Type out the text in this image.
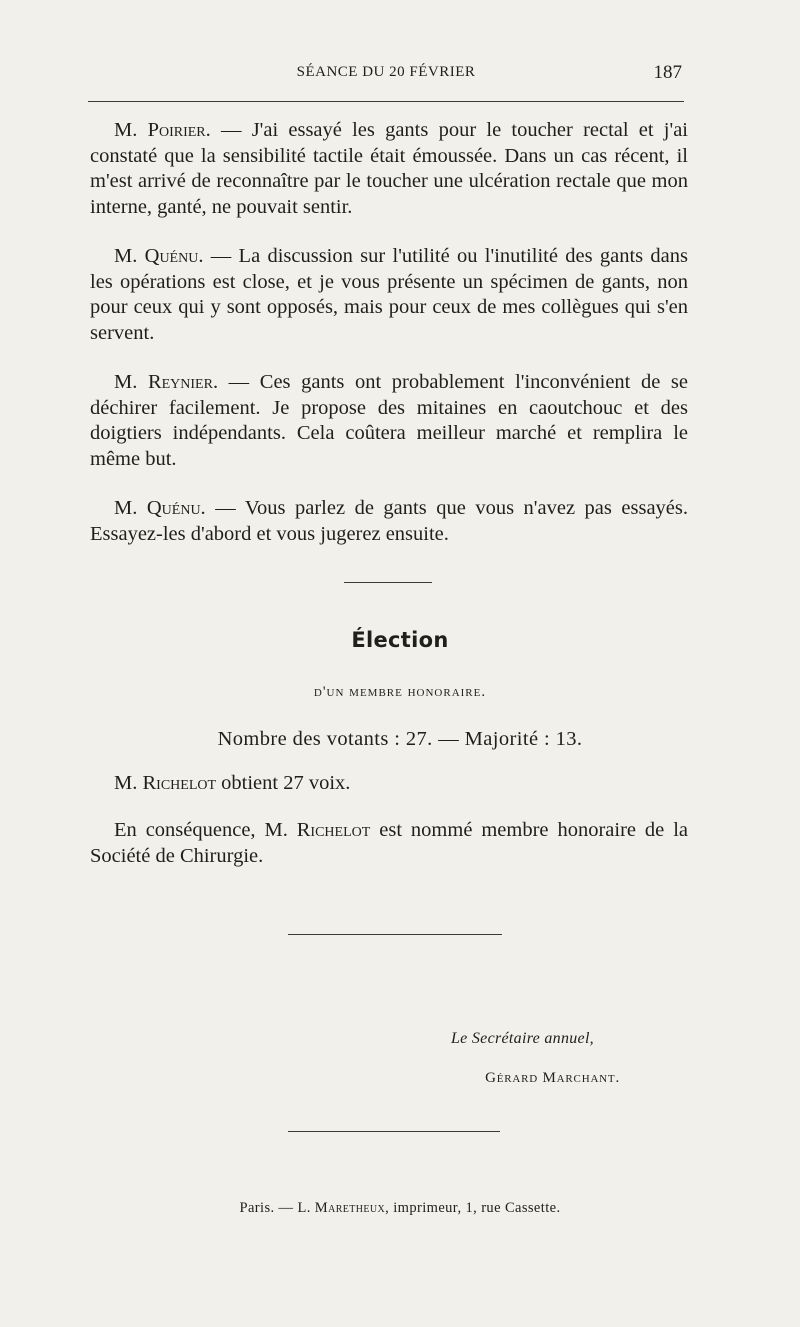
SÉANCE DU 20 FÉVRIER	187

M. Poirier. — J'ai essayé les gants pour le toucher rectal et j'ai constaté que la sensibilité tactile était émoussée. Dans un cas récent, il m'est arrivé de reconnaître par le toucher une ulcération rectale que mon interne, ganté, ne pouvait sentir.

M. Quénu. — La discussion sur l'utilité ou l'inutilité des gants dans les opérations est close, et je vous présente un spécimen de gants, non pour ceux qui y sont opposés, mais pour ceux de mes collègues qui s'en servent.

M. Reynier. — Ces gants ont probablement l'inconvénient de se déchirer facilement. Je propose des mitaines en caoutchouc et des doigtiers indépendants. Cela coûtera meilleur marché et remplira le même but.

M. Quénu. — Vous parlez de gants que vous n'avez pas essayés. Essayez-les d'abord et vous jugerez ensuite.

Élection
d'un membre honoraire.
Nombre des votants : 27. — Majorité : 13.
M. Richelot obtient 27 voix.
En conséquence, M. Richelot est nommé membre honoraire de la Société de Chirurgie.
Le Secrétaire annuel,
Gérard Marchant.
Paris. — L. Maretheux, imprimeur, 1, rue Cassette.
